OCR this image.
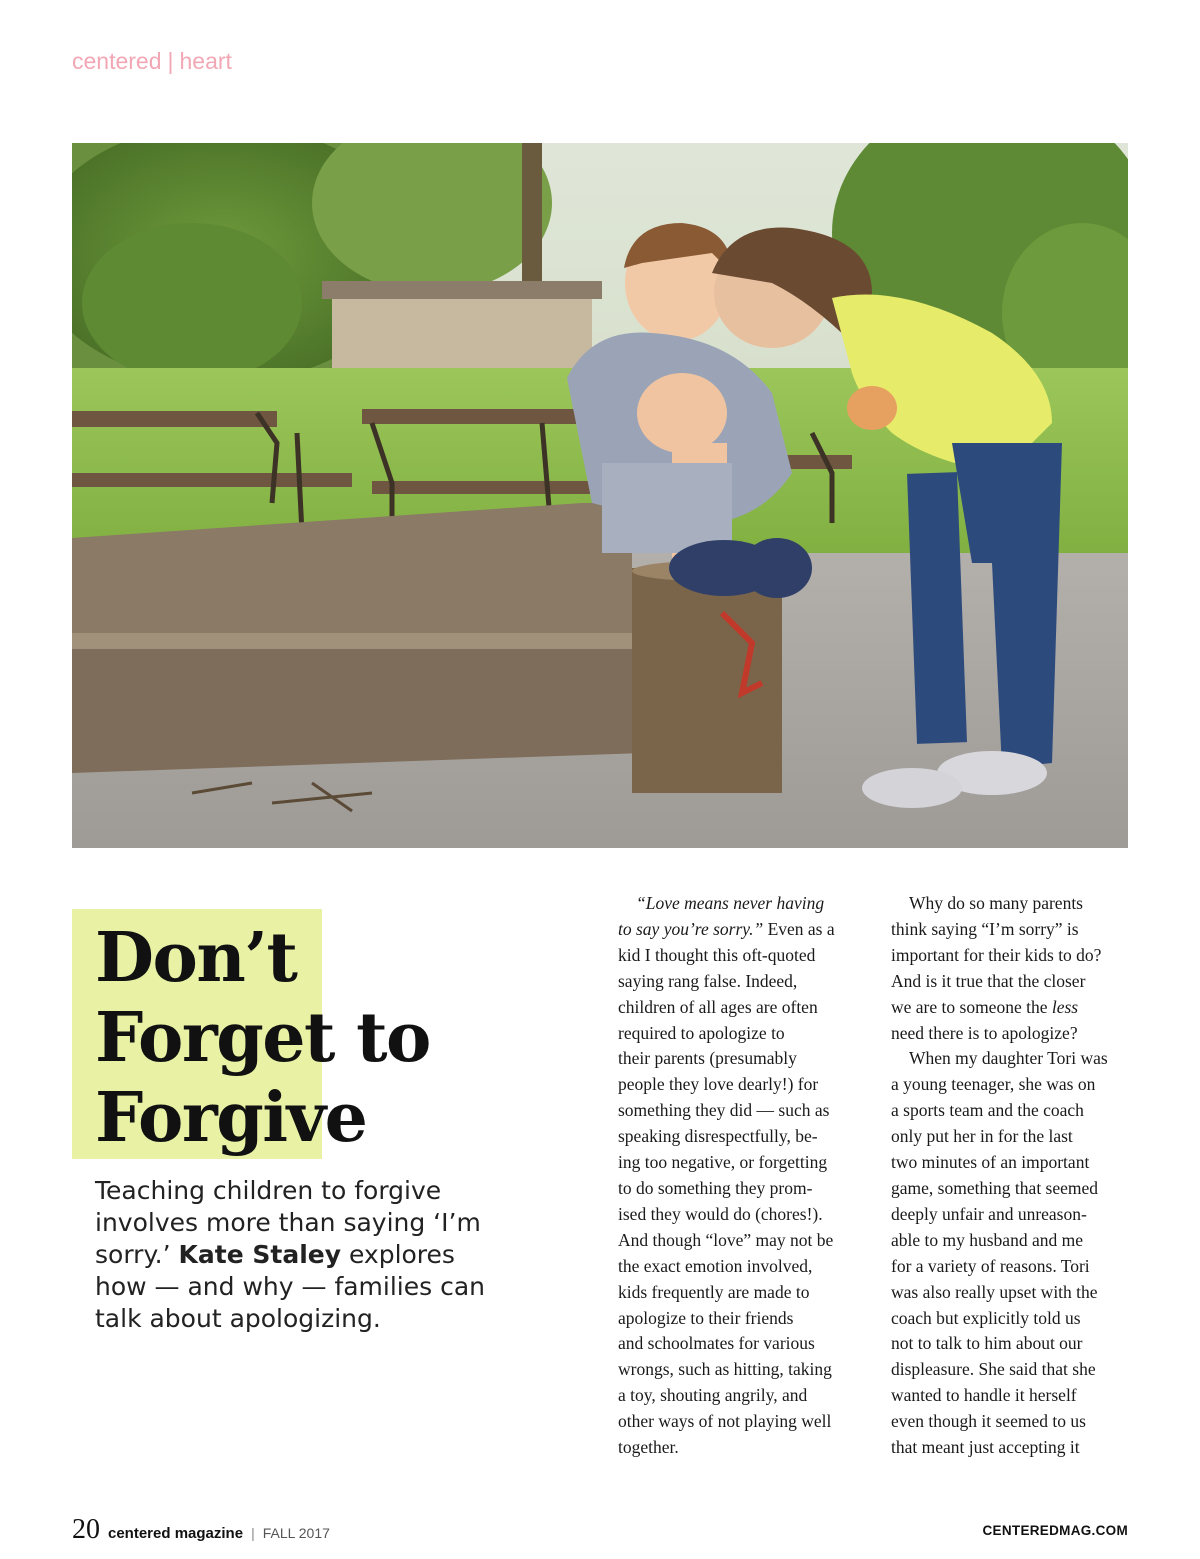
centered | heart
Don’t
Forget to
Forgive

Teaching children to forgive involves more than saying ‘I’m sorry.’ Kate Staley explores how — and why — families can talk about apologizing.

“Love means never having
to say you’re sorry.” Even as a
kid I thought this oft-quoted
saying rang false. Indeed,
children of all ages are often
required to apologize to
their parents (presumably
people they love dearly!) for
something they did — such as
speaking disrespectfully, be-
ing too negative, or forgetting
to do something they prom-
ised they would do (chores!).
And though “love” may not be
the exact emotion involved,
kids frequently are made to
apologize to their friends
and schoolmates for various
wrongs, such as hitting, taking
a toy, shouting angrily, and
other ways of not playing well
together.
Why do so many parents
think saying “I’m sorry” is
important for their kids to do?
And is it true that the closer
we are to someone the less
need there is to apologize?
When my daughter Tori was
a young teenager, she was on
a sports team and the coach
only put her in for the last
two minutes of an important
game, something that seemed
deeply unfair and unreason-
able to my husband and me
for a variety of reasons. Tori
was also really upset with the
coach but explicitly told us
not to talk to him about our
displeasure. She said that she
wanted to handle it herself
even though it seemed to us
that meant just accepting it
20 centered magazine | FALL 2017	CENTEREDMAG.COM
